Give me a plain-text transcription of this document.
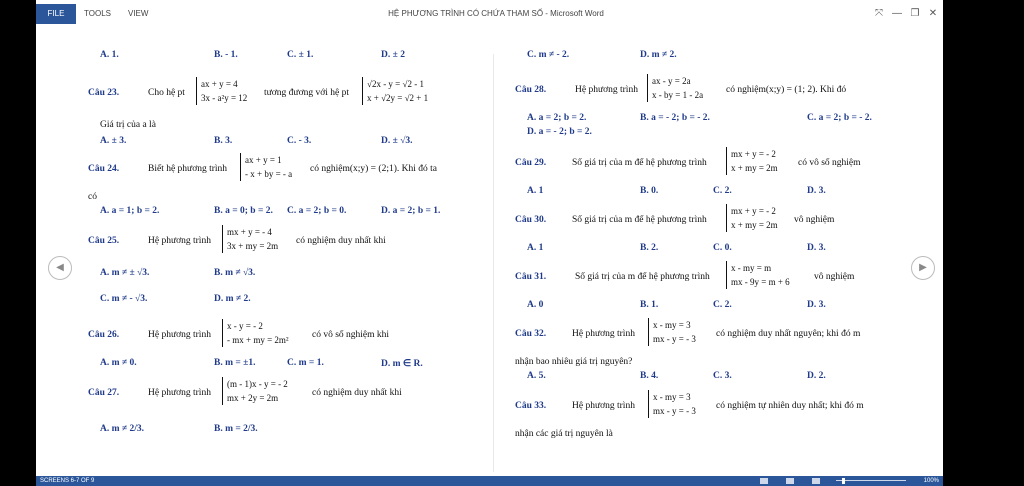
FILE	TOOLS	VIEW	HỆ PHƯƠNG TRÌNH CÓ CHỨA THAM SỐ - Microsoft Word	⤧ — ❐ ✕
A. 1.	B. - 1.	C. ± 1.	D. ± 2
Câu 23.	Cho hệ pt
ax + y = 4
3x - a²y = 12 tương đương với hệ pt
√2x - y = √2 - 1
x + √2y = √2 + 1
Giá trị của a là
A. ± 3.	B. 3.	C. - 3.	D. ± √3.
Câu 24.	Biết hệ phương trình
ax + y = 1
- x + by = - a có nghiệm(x;y) = (2;1). Khi đó ta
có
A. a = 1; b = 2.	B. a = 0; b = 2. C. a = 2; b = 0.	D. a = 2; b = 1.
Câu 25.	Hệ phương trình
mx + y = - 4
3x + my = 2m có nghiệm duy nhất khi
A. m ≠ ± √3.	B. m ≠ √3.
C. m ≠ - √3.	D. m ≠ 2.
Câu 26.	Hệ phương trình
x - y = - 2
- mx + my = 2m² có vô số nghiệm khi
A. m ≠ 0.	B. m = ±1.	C. m = 1.	D. m ∈ R.
Câu 27.	Hệ phương trình
(m - 1)x - y = - 2
mx + 2y = 2m	có nghiệm duy nhất khi
A. m ≠ 2/3.	B. m = 2/3.
C. m ≠ - 2.	D. m ≠ 2.
Câu 28.	Hệ phương trình
ax - y = 2a
x - by = 1 - 2a có nghiệm(x;y) = (1; 2). Khi đó
A. a = 2; b = 2.	B. a = - 2; b = - 2.	C. a = 2; b = - 2.
D. a = - 2; b = 2.
Câu 29.	Số giá trị của m để hệ phương trình
mx + y = - 2
x + my = 2m có vô số nghiệm
A. 1	B. 0.	C. 2.	D. 3.
Câu 30.	Số giá trị của m để hệ phương trình
mx + y = - 2
x + my = 2m vô nghiệm
A. 1	B. 2.	C. 0.	D. 3.
Câu 31.	Số giá trị của m để hệ phương trình
x - my = m
mx - 9y = m + 6	vô nghiệm
A. 0	B. 1.	C. 2.	D. 3.
Câu 32.	Hệ phương trình
x - my = 3
mx - y = - 3 có nghiệm duy nhất nguyên; khi đó m
nhận bao nhiêu giá trị nguyên?
A. 5.	B. 4.	C. 3.	D. 2.
Câu 33.	Hệ phương trình
x - my = 3
mx - y = - 3 có nghiệm tự nhiên duy nhất; khi đó m
nhận các giá trị nguyên là
◀	▶
SCREENS 6-7 OF 9	100%
